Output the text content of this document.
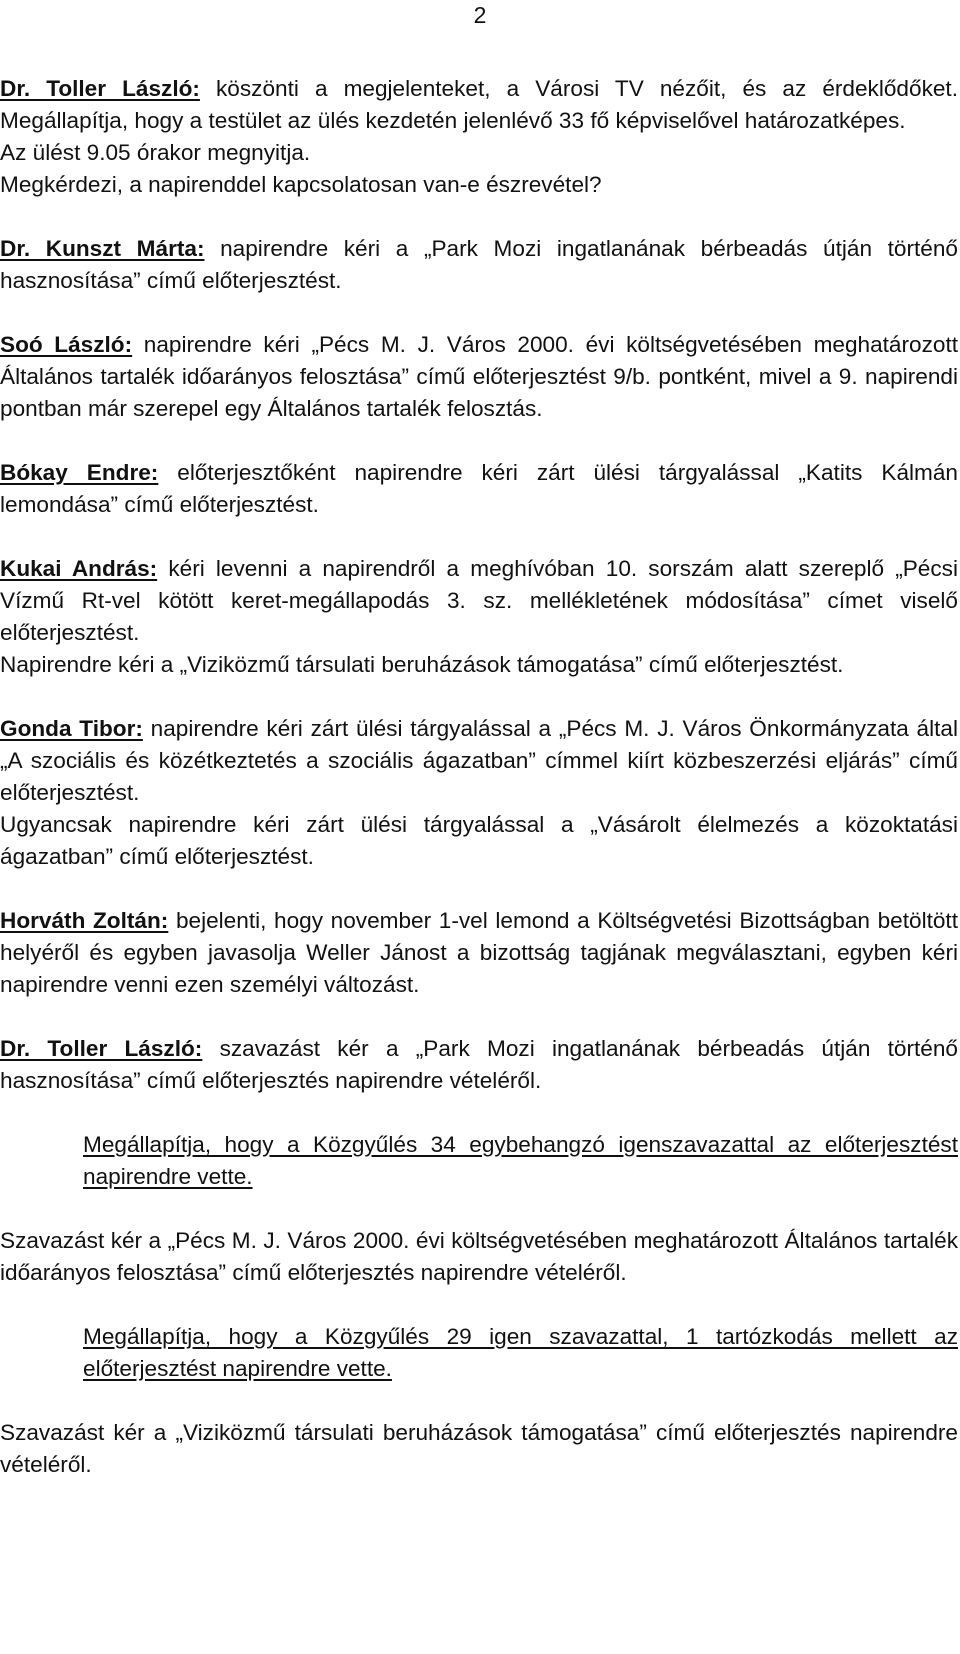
2
Dr. Toller László: köszönti a megjelenteket, a Városi TV nézőit, és az érdeklődőket. Megállapítja, hogy a testület az ülés kezdetén jelenlévő 33 fő képviselővel határozatképes.
Az ülést 9.05 órakor megnyitja.
Megkérdezi, a napirenddel kapcsolatosan van-e észrevétel?
Dr. Kunszt Márta: napirendre kéri a „Park Mozi ingatlanának bérbeadás útján történő hasznosítása” című előterjesztést.
Soó László: napirendre kéri „Pécs M. J. Város 2000. évi költségvetésében meghatározott Általános tartalék időarányos felosztása” című előterjesztést 9/b. pontként, mivel a 9. napirendi pontban már szerepel egy Általános tartalék felosztás.
Bókay Endre: előterjesztőként napirendre kéri zárt ülési tárgyalással „Katits Kálmán lemondása” című előterjesztést.
Kukai András: kéri levenni a napirendről a meghívóban 10. sorszám alatt szereplő „Pécsi Vízmű Rt-vel kötött keret-megállapodás 3. sz. mellékletének módosítása” címet viselő előterjesztést.
Napirendre kéri a „Viziközmű társulati beruházások támogatása” című előterjesztést.
Gonda Tibor: napirendre kéri zárt ülési tárgyalással a „Pécs M. J. Város Önkormányzata által „A szociális és közétkeztetés a szociális ágazatban” címmel kiírt közbeszerzési eljárás” című előterjesztést.
Ugyancsak napirendre kéri zárt ülési tárgyalással a „Vásárolt élelmezés a közoktatási ágazatban” című előterjesztést.
Horváth Zoltán: bejelenti, hogy november 1-vel lemond a Költségvetési Bizottságban betöltött helyéről és egyben javasolja Weller Jánost a bizottság tagjának megválasztani, egyben kéri napirendre venni ezen személyi változást.
Dr. Toller László: szavazást kér a „Park Mozi ingatlanának bérbeadás útján történő hasznosítása” című előterjesztés napirendre vételéről.
Megállapítja, hogy a Közgyűlés 34 egybehangzó igenszavazattal az előterjesztést napirendre vette.
Szavazást kér a „Pécs M. J. Város 2000. évi költségvetésében meghatározott Általános tartalék időarányos felosztása” című előterjesztés napirendre vételéről.
Megállapítja, hogy a Közgyűlés 29 igen szavazattal, 1 tartózkodás mellett az előterjesztést napirendre vette.
Szavazást kér a „Viziközmű társulati beruházások támogatása” című előterjesztés napirendre vételéről.
